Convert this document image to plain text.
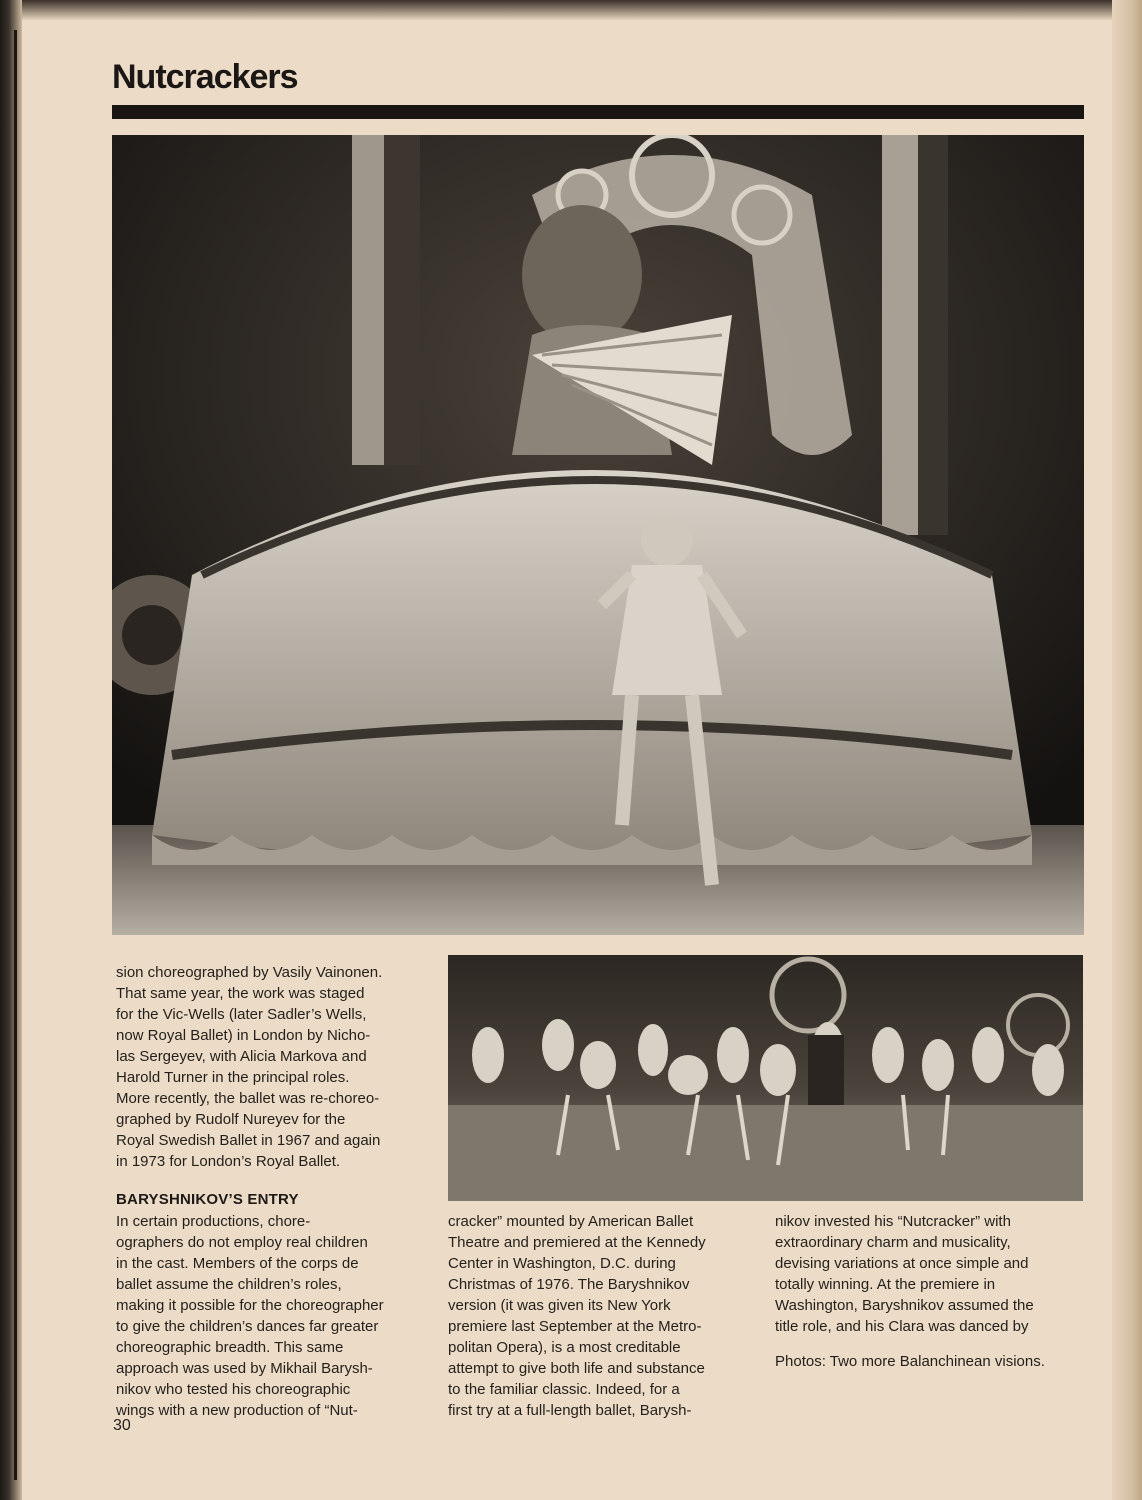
Nutcrackers
sion choreographed by Vasily Vainonen.
That same year, the work was staged
for the Vic-Wells (later Sadler’s Wells,
now Royal Ballet) in London by Nicho-
las Sergeyev, with Alicia Markova and
Harold Turner in the principal roles.
More recently, the ballet was re-choreo-
graphed by Rudolf Nureyev for the
Royal Swedish Ballet in 1967 and again
in 1973 for London’s Royal Ballet.
BARYSHNIKOV’S ENTRY
In certain productions, chore-
ographers do not employ real children
in the cast. Members of the corps de
ballet assume the children’s roles,
making it possible for the choreographer
to give the children’s dances far greater
choreographic breadth. This same
approach was used by Mikhail Barysh-
nikov who tested his choreographic
wings with a new production of “Nut-
cracker” mounted by American Ballet
Theatre and premiered at the Kennedy
Center in Washington, D.C. during
Christmas of 1976. The Baryshnikov
version (it was given its New York
premiere last September at the Metro-
politan Opera), is a most creditable
attempt to give both life and substance
to the familiar classic. Indeed, for a
first try at a full-length ballet, Barysh-
nikov invested his “Nutcracker” with
extraordinary charm and musicality,
devising variations at once simple and
totally winning. At the premiere in
Washington, Baryshnikov assumed the
title role, and his Clara was danced by
Photos: Two more Balanchinean visions.
30
